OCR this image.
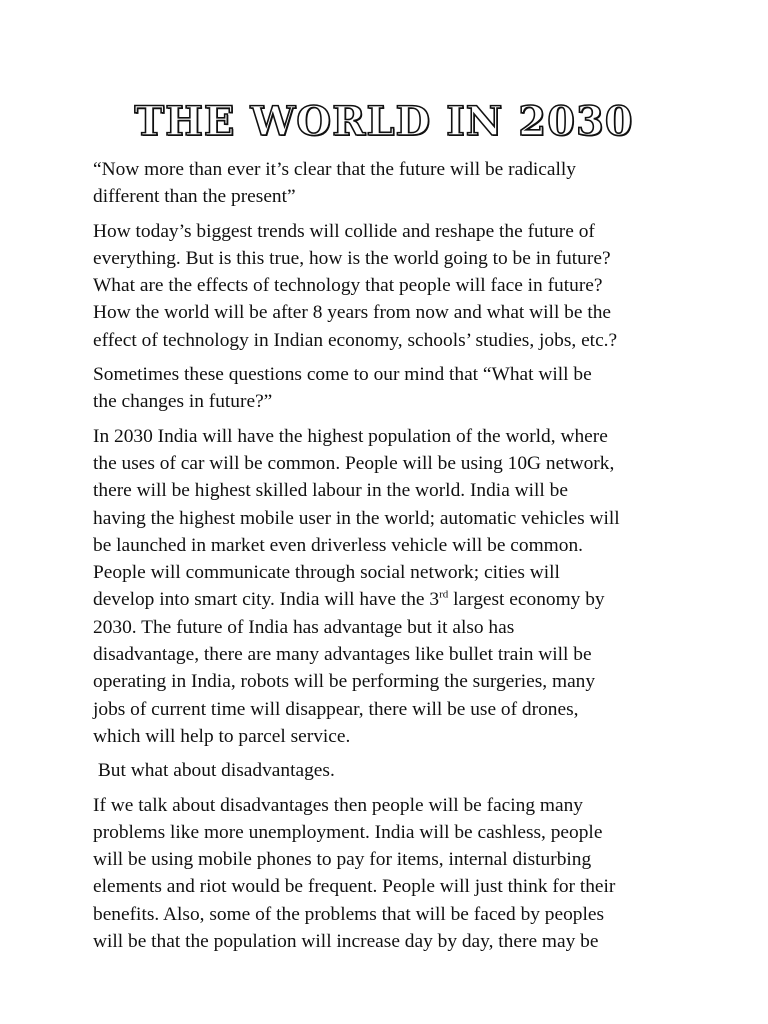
THE WORLD IN 2030

“Now more than ever it’s clear that the future will be radically
different than the present”

How today’s biggest trends will collide and reshape the future of
everything. But is this true, how is the world going to be in future?
What are the effects of technology that people will face in future?
How the world will be after 8 years from now and what will be the
effect of technology in Indian economy, schools’ studies, jobs, etc.?

Sometimes these questions come to our mind that “What will be
the changes in future?”

In 2030 India will have the highest population of the world, where
the uses of car will be common. People will be using 10G network,
there will be highest skilled labour in the world. India will be
having the highest mobile user in the world; automatic vehicles will
be launched in market even driverless vehicle will be common.
People will communicate through social network; cities will
develop into smart city. India will have the 3rd largest economy by
2030. The future of India has advantage but it also has
disadvantage, there are many advantages like bullet train will be
operating in India, robots will be performing the surgeries, many
jobs of current time will disappear, there will be use of drones,
which will help to parcel service.

But what about disadvantages.

If we talk about disadvantages then people will be facing many
problems like more unemployment. India will be cashless, people
will be using mobile phones to pay for items, internal disturbing
elements and riot would be frequent. People will just think for their
benefits. Also, some of the problems that will be faced by peoples
will be that the population will increase day by day, there may be
